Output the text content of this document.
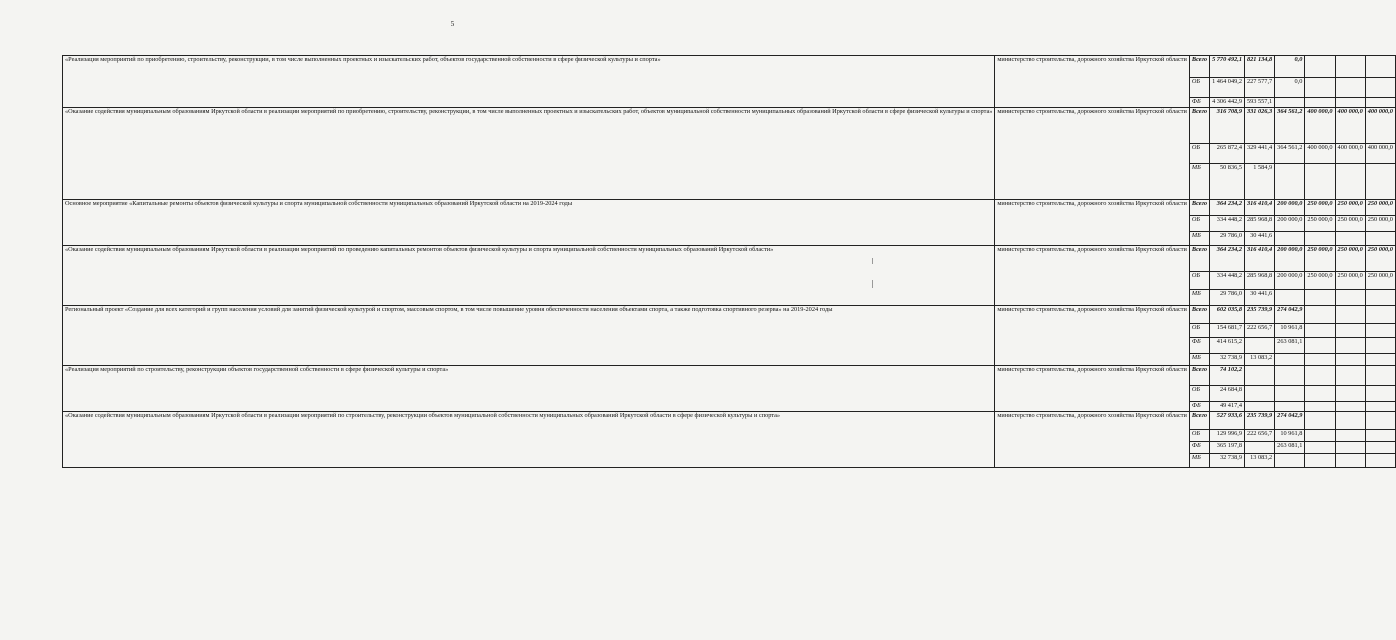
5
«Реализация мероприятий по приобретению, строительству, реконструкции, в том числе выполненных проектных и изыскательских работ, объектов государственной собственности в сфере физической культуры и спорта»	министерство строительства, дорожного хозяйства Иркутской области	Всего	5 770 492,1	821 134,8	0,0			
		ОБ	1 464 049,2	227 577,7	0,0			
		ФБ	4 306 442,9	593 557,1				
«Оказание содействия муниципальным образованиям Иркутской области в реализации мероприятий по приобретению, строительству, реконструкции, в том числе выполненных проектных и изыскательских работ, объектов муниципальной собственности муниципальных образований Иркутской области в сфере физической культуры и спорта»	министерство строительства, дорожного хозяйства Иркутской области	Всего	316 708,9	331 026,3	364 561,2	400 000,0	400 000,0	400 000,0
		ОБ	265 872,4	329 441,4	364 561,2	400 000,0	400 000,0	400 000,0
		МБ	50 836,5	1 584,9				
Основное мероприятие «Капитальные ремонты объектов физической культуры и спорта муниципальной собственности муниципальных образований Иркутской области на 2019-2024 годы	министерство строительства, дорожного хозяйства Иркутской области	Всего	364 234,2	316 410,4	200 000,0	250 000,0	250 000,0	250 000,0
		ОБ	334 448,2	285 968,8	200 000,0	250 000,0	250 000,0	250 000,0
		МБ	29 786,0	30 441,6				
«Оказание содействия муниципальным образованиям Иркутской области в реализации мероприятий по проведению капитальных ремонтов объектов физической культуры и спорта муниципальной собственности муниципальных образований Иркутской области»	министерство строительства, дорожного хозяйства Иркутской области	Всего	364 234,2	316 410,4	200 000,0	250 000,0	250 000,0	250 000,0
		ОБ	334 448,2	285 968,8	200 000,0	250 000,0	250 000,0	250 000,0
		МБ	29 786,0	30 441,6				
Региональный проект «Создание для всех категорий и групп населения условий для занятий физической культурой и спортом, массовым спортом, в том числе повышение уровня обеспеченности населения объектами спорта, а также подготовка спортивного резерва» на 2019-2024 годы	министерство строительства, дорожного хозяйства Иркутской области	Всего	602 035,8	235 739,9	274 042,9			
		ОБ	154 681,7	222 656,7	10 961,8			
		ФБ	414 615,2		263 081,1			
		МБ	32 738,9	13 083,2				
«Реализация мероприятий по строительству, реконструкции объектов государственной собственности в сфере физической культуры и спорта»	министерство строительства, дорожного хозяйства Иркутской области	Всего	74 102,2					
		ОБ	24 684,8					
		ФБ	49 417,4					
«Оказание содействия муниципальным образованиям Иркутской области в реализации мероприятий по строительству, реконструкции объектов муниципальной собственности муниципальных образований Иркутской области в сфере физической культуры и спорта»	министерство строительства, дорожного хозяйства Иркутской области	Всего	527 933,6	235 739,9	274 042,9			
		ОБ	129 996,9	222 656,7	10 961,8			
		ФБ	365 197,8		263 081,1			
		МБ	32 738,9	13 083,2				
